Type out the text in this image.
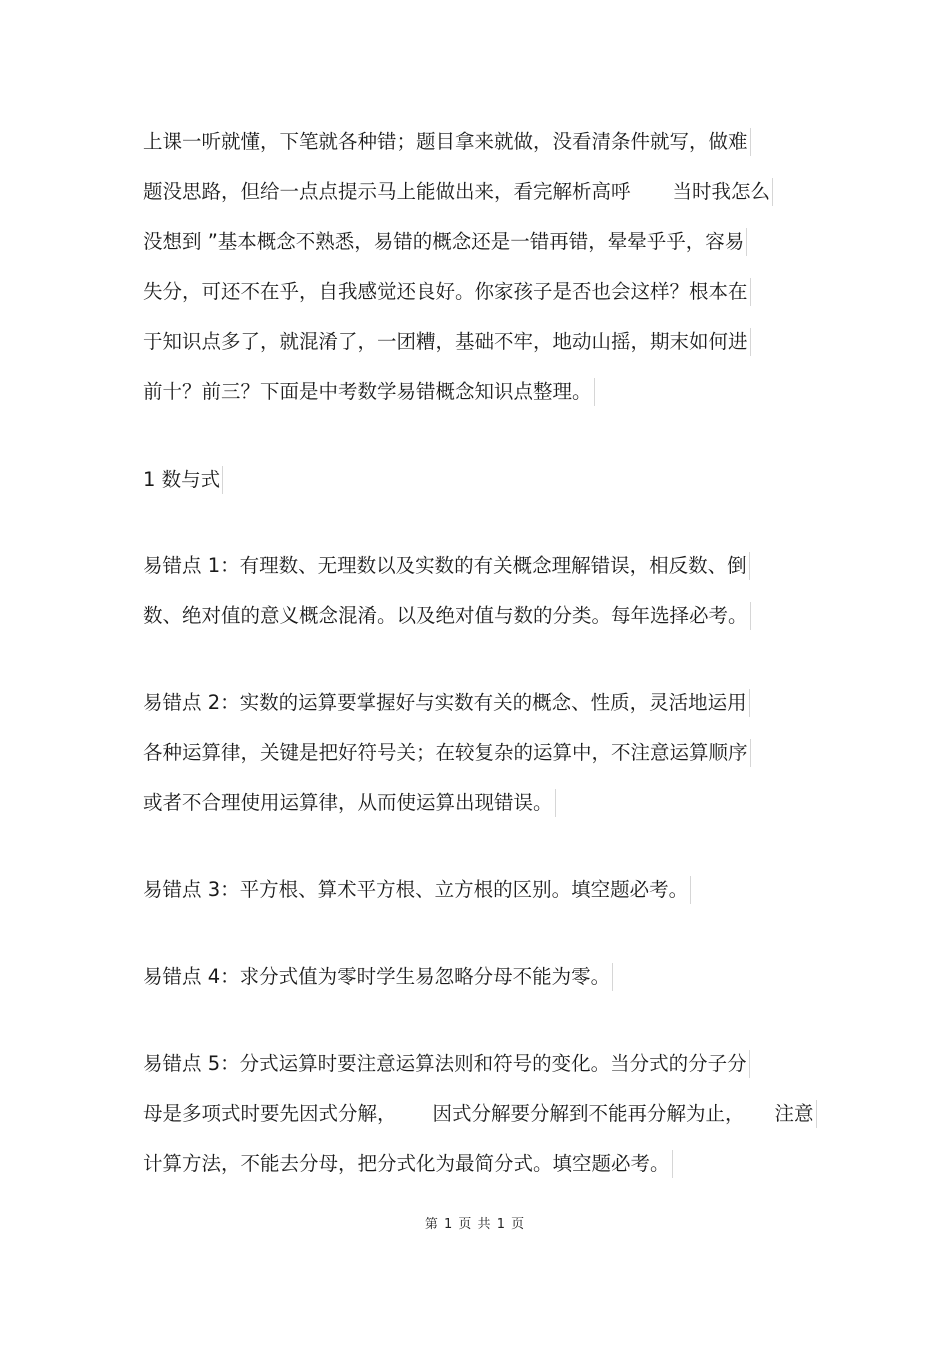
上课一听就懂，下笔就各种错；题目拿来就做，没看清条件就写，做难
题没思路，但给一点点提示马上能做出来，看完解析高呼 当时我怎么
没想到 ”基本概念不熟悉，易错的概念还是一错再错，晕晕乎乎，容易
失分，可还不在乎，自我感觉还良好。你家孩子是否也会这样？根本在
于知识点多了，就混淆了，一团糟，基础不牢，地动山摇，期末如何进
前十？前三？下面是中考数学易错概念知识点整理。
1 数与式
易错点 1：有理数、无理数以及实数的有关概念理解错误，相反数、倒
数、绝对值的意义概念混淆。以及绝对值与数的分类。每年选择必考。
易错点 2：实数的运算要掌握好与实数有关的概念、性质，灵活地运用
各种运算律，关键是把好符号关；在较复杂的运算中，不注意运算顺序
或者不合理使用运算律，从而使运算出现错误。
易错点 3：平方根、算术平方根、立方根的区别。填空题必考。
易错点 4：求分式值为零时学生易忽略分母不能为零。
易错点 5：分式运算时要注意运算法则和符号的变化。当分式的分子分
母是多项式时要先因式分解， 因式分解要分解到不能再分解为止， 注意
计算方法，不能去分母，把分式化为最简分式。填空题必考。
第 1 页 共 1 页
